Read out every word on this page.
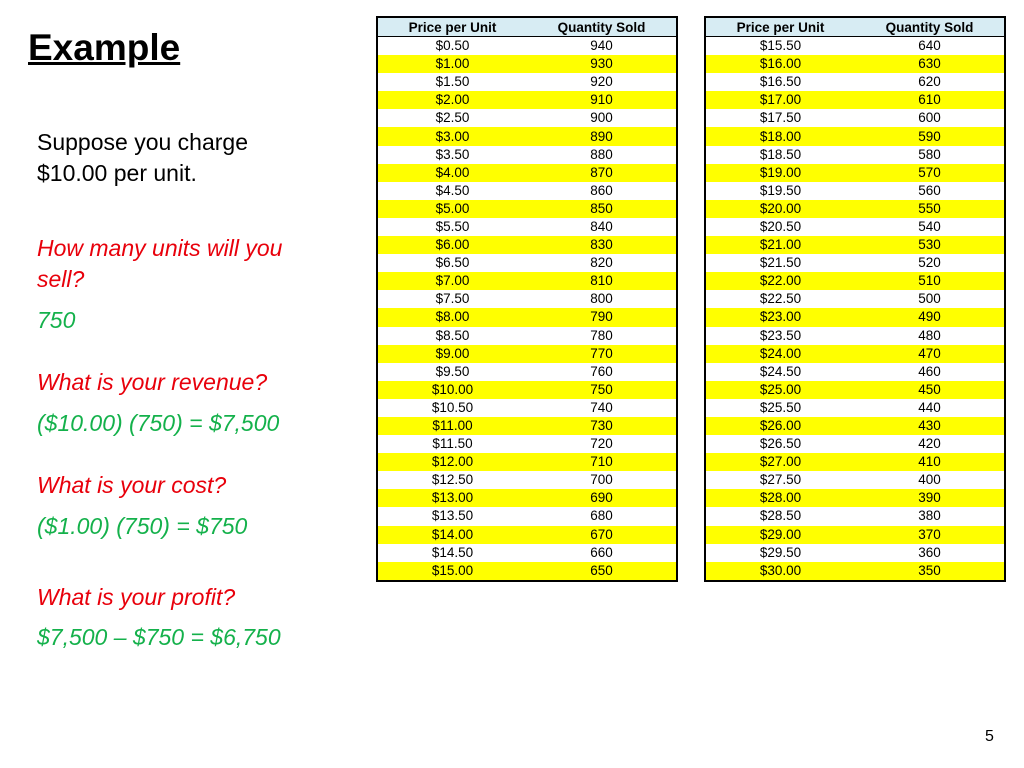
Example
Suppose you charge
$10.00 per unit.
How many units will you
sell?
750
What is your revenue?
($10.00) (750) = $7,500
What is your cost?
($1.00) (750) = $750
What is your profit?
$7,500 – $750 = $6,750
Price per Unit	Quantity Sold
$0.50	940
$1.00	930
$1.50	920
$2.00	910
$2.50	900
$3.00	890
$3.50	880
$4.00	870
$4.50	860
$5.00	850
$5.50	840
$6.00	830
$6.50	820
$7.00	810
$7.50	800
$8.00	790
$8.50	780
$9.00	770
$9.50	760
$10.00	750
$10.50	740
$11.00	730
$11.50	720
$12.00	710
$12.50	700
$13.00	690
$13.50	680
$14.00	670
$14.50	660
$15.00	650
Price per Unit	Quantity Sold
$15.50	640
$16.00	630
$16.50	620
$17.00	610
$17.50	600
$18.00	590
$18.50	580
$19.00	570
$19.50	560
$20.00	550
$20.50	540
$21.00	530
$21.50	520
$22.00	510
$22.50	500
$23.00	490
$23.50	480
$24.00	470
$24.50	460
$25.00	450
$25.50	440
$26.00	430
$26.50	420
$27.00	410
$27.50	400
$28.00	390
$28.50	380
$29.00	370
$29.50	360
$30.00	350
5
